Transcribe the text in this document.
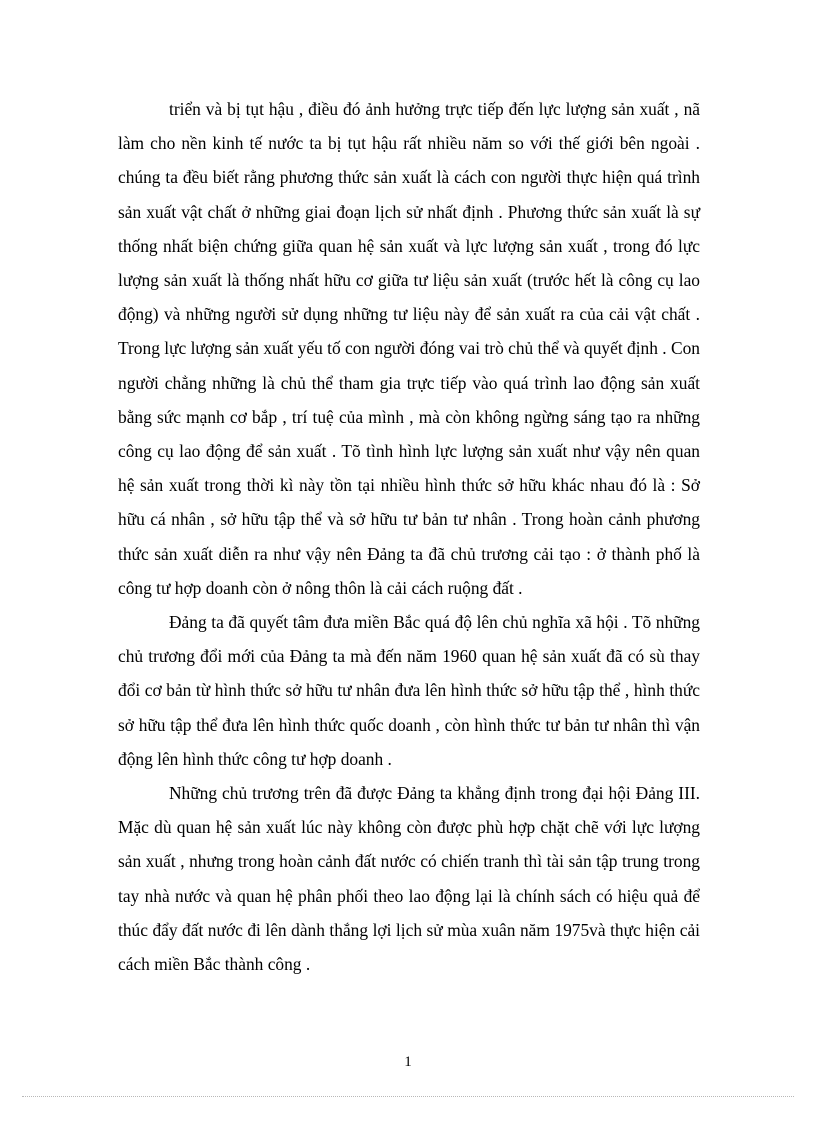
triển và bị tụt hậu , điều đó ảnh hưởng trực tiếp đến lực lượng sản xuất , nã làm cho nền kinh tế nước ta bị tụt hậu rất nhiều năm so với thế giới bên ngoài . chúng ta đều biết rằng phương thức sản xuất là cách con người thực hiện quá trình sản xuất vật chất ở những giai đoạn lịch sử nhất định . Phương thức sản xuất là sự thống nhất biện chứng giữa quan hệ sản xuất và lực lượng sản xuất , trong đó lực lượng sản xuất là thống nhất hữu cơ giữa tư liệu sản xuất (trước hết là công cụ lao động) và những người sử dụng những tư liệu này để sản xuất ra của cải vật chất . Trong lực lượng sản xuất yếu tố con người đóng vai trò chủ thể và quyết định . Con người chẳng những là chủ thể tham gia trực tiếp vào quá trình lao động sản xuất bằng sức mạnh cơ bắp , trí tuệ của mình , mà còn không ngừng sáng tạo ra những công cụ lao động để sản xuất . Tõ tình hình lực lượng sản xuất như vậy nên quan hệ sản xuất trong thời kì này tồn tại nhiều hình thức sở hữu khác nhau đó là : Sở hữu cá nhân , sở hữu tập thể và sở hữu tư bản tư nhân . Trong hoàn cảnh phương thức sản xuất diễn ra như vậy nên Đảng ta đã chủ trương cải tạo : ở thành phố là công tư hợp doanh còn ở nông thôn là cải cách ruộng đất .

Đảng ta đã quyết tâm đưa miền Bắc quá độ lên chủ nghĩa xã hội . Tõ những chủ trương đổi mới của Đảng ta mà đến năm 1960 quan hệ sản xuất đã có sù thay đổi cơ bản từ hình thức sở hữu tư nhân đưa lên hình thức sở hữu tập thể , hình thức sở hữu tập thể đưa lên hình thức quốc doanh , còn hình thức tư bản tư nhân thì vận động lên hình thức công tư hợp doanh .

Những chủ trương trên đã được Đảng ta khẳng định trong đại hội Đảng III. Mặc dù quan hệ sản xuất lúc này không còn được phù hợp chặt chẽ với lực lượng sản xuất , nhưng trong hoàn cảnh đất nước có chiến tranh thì tài sản tập trung trong tay nhà nước và quan hệ phân phối theo lao động lại là chính sách có hiệu quả để thúc đẩy đất nước đi lên dành thắng lợi lịch sử mùa xuân năm 1975và thực hiện cải cách miền Bắc thành công .

1
